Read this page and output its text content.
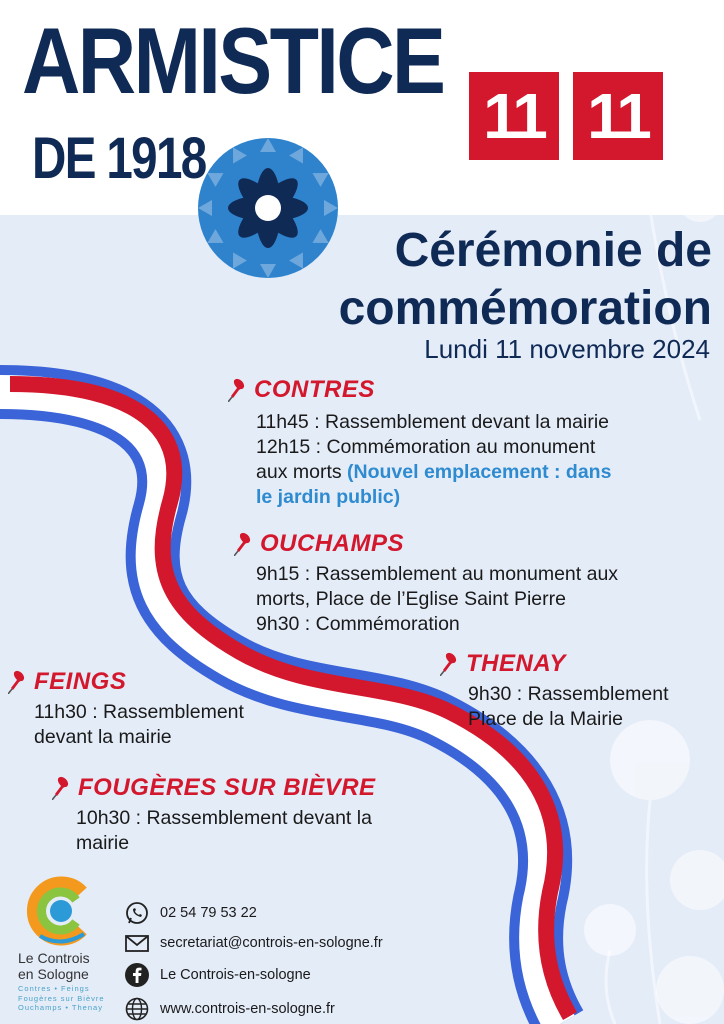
ARMISTICE
DE 1918
11 11
Cérémonie de
commémoration
Lundi 11 novembre 2024
CONTRES
11h45 : Rassemblement devant la mairie
12h15 : Commémoration au monument
aux morts (Nouvel emplacement : dans
le jardin public)
OUCHAMPS
9h15 : Rassemblement au monument aux
morts, Place de l’Eglise Saint Pierre
9h30 : Commémoration
THENAY
9h30 : Rassemblement
Place de la Mairie
FEINGS
11h30 : Rassemblement
devant la mairie
FOUGÈRES SUR BIÈVRE
10h30 : Rassemblement devant la
mairie
Le Controis
en Sologne
Contres • Feings
Fougères sur Bièvre
Ouchamps • Thenay
02 54 79 53 22
secretariat@controis-en-sologne.fr
Le Controis-en-sologne
www.controis-en-sologne.fr
